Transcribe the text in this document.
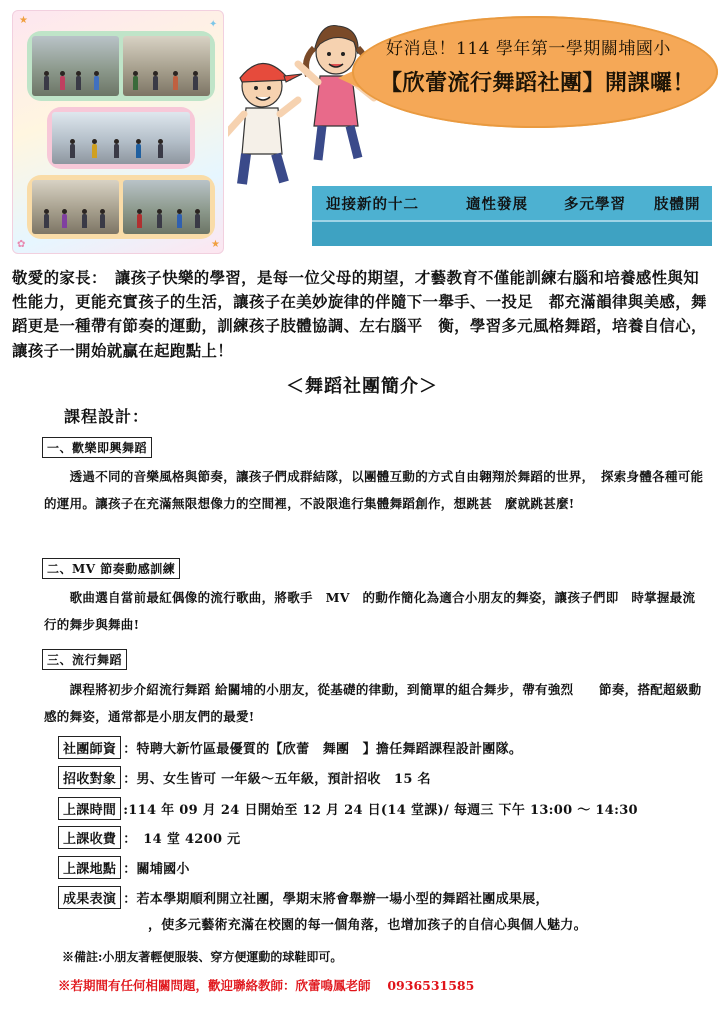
★	✦
✿	★
好消息！114 學年第一學期關埔國小
【欣蕾流行舞蹈社團】開課囉！
迎接新的十二	適性發展	多元學習	肢體開
敬愛的家長：　讓孩子快樂的學習，是每一位父母的期望，才藝教育不僅能訓練右腦和培養感性與知性能力，更能充實孩子的生活，讓孩子在美妙旋律的伴隨下一舉手、一投足　都充滿韻律與美感，舞蹈更是一種帶有節奏的運動，訓練孩子肢體協調、左右腦平　衡，學習多元風格舞蹈，培養自信心，讓孩子一開始就贏在起跑點上！
＜舞蹈社團簡介＞
課程設計：
一、歡樂即興舞蹈
　　透過不同的音樂風格與節奏，讓孩子們成群結隊，以團體互動的方式自由翱翔於舞蹈的世界，　探索身體各種可能的運用。讓孩子在充滿無限想像力的空間裡，不設限進行集體舞蹈創作，想跳甚　麼就跳甚麼!
二、MV 節奏動感訓練
　　歌曲選自當前最紅偶像的流行歌曲，將歌手　MV　的動作簡化為適合小朋友的舞姿，讓孩子們即　時掌握最流行的舞步與舞曲!
三、流行舞蹈
　　課程將初步介紹流行舞蹈 給關埔的小朋友，從基礎的律動，到簡單的組合舞步，帶有強烈　　節奏，搭配超級動感的舞姿，通常都是小朋友們的最愛!
社團師資 ：特聘大新竹區最優質的【欣蕾　舞團　】擔任舞蹈課程設計團隊。
招收對象 ：男、女生皆可 一年級～五年級，預計招收　15 名
上課時間 :114 年 09 月 24 日開始至 12 月 24 日(14 堂課)/ 每週三 下午 13:00 ～ 14:30
上課收費 ：　14 堂 4200 元
上課地點 ：關埔國小
成果表演 ：若本學期順利開立社團，學期末將會舉辦一場小型的舞蹈社團成果展，
，使多元藝術充滿在校園的每一個角落，也增加孩子的自信心與個人魅力。
※備註:小朋友著輕便服裝、穿方便運動的球鞋即可。
※若期間有任何相關問題，歡迎聯絡教師：欣蕾鳴鳳老師　 0936531585
